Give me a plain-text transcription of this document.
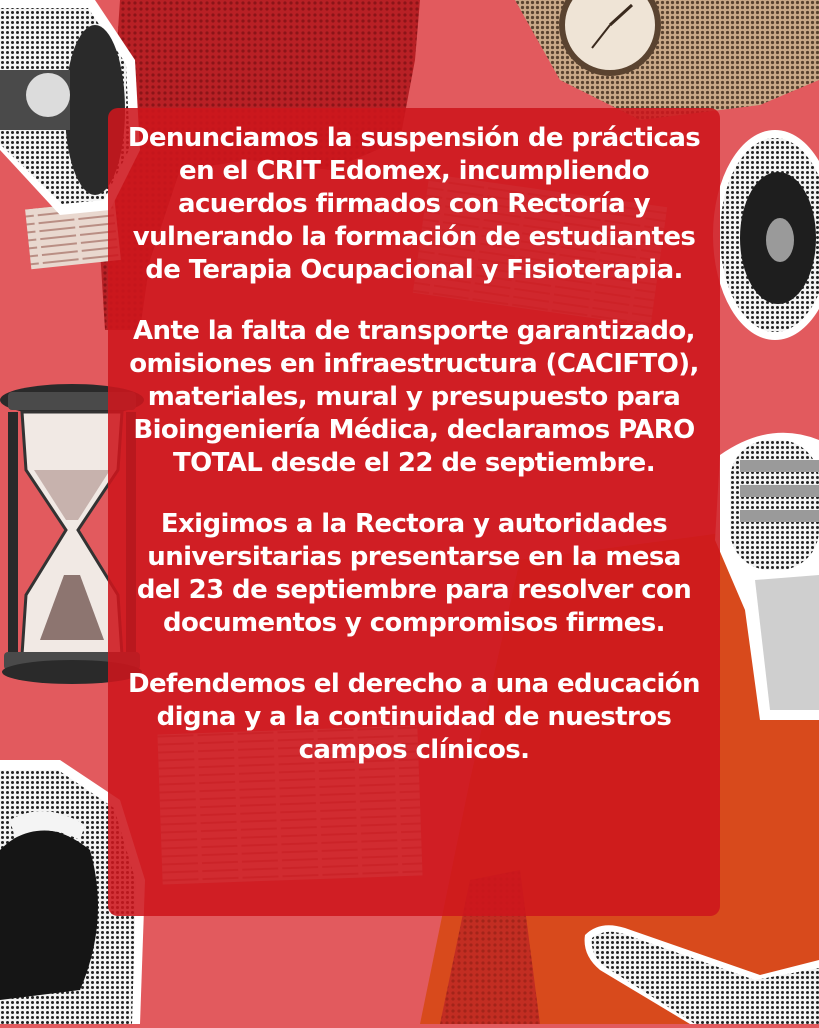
Denunciamos la suspensión de prácticas en el CRIT Edomex, incumpliendo acuerdos firmados con Rectoría y vulnerando la formación de estudiantes de Terapia Ocupacional y Fisioterapia.

Ante la falta de transporte garantizado, omisiones en infraestructura (CACIFTO), materiales, mural y presupuesto para Bioingeniería Médica, declaramos PARO TOTAL desde el 22 de septiembre.

Exigimos a la Rectora y autoridades universitarias presentarse en la mesa del 23 de septiembre para resolver con documentos y compromisos firmes.

Defendemos el derecho a una educación digna y a la continuidad de nuestros campos clínicos.
